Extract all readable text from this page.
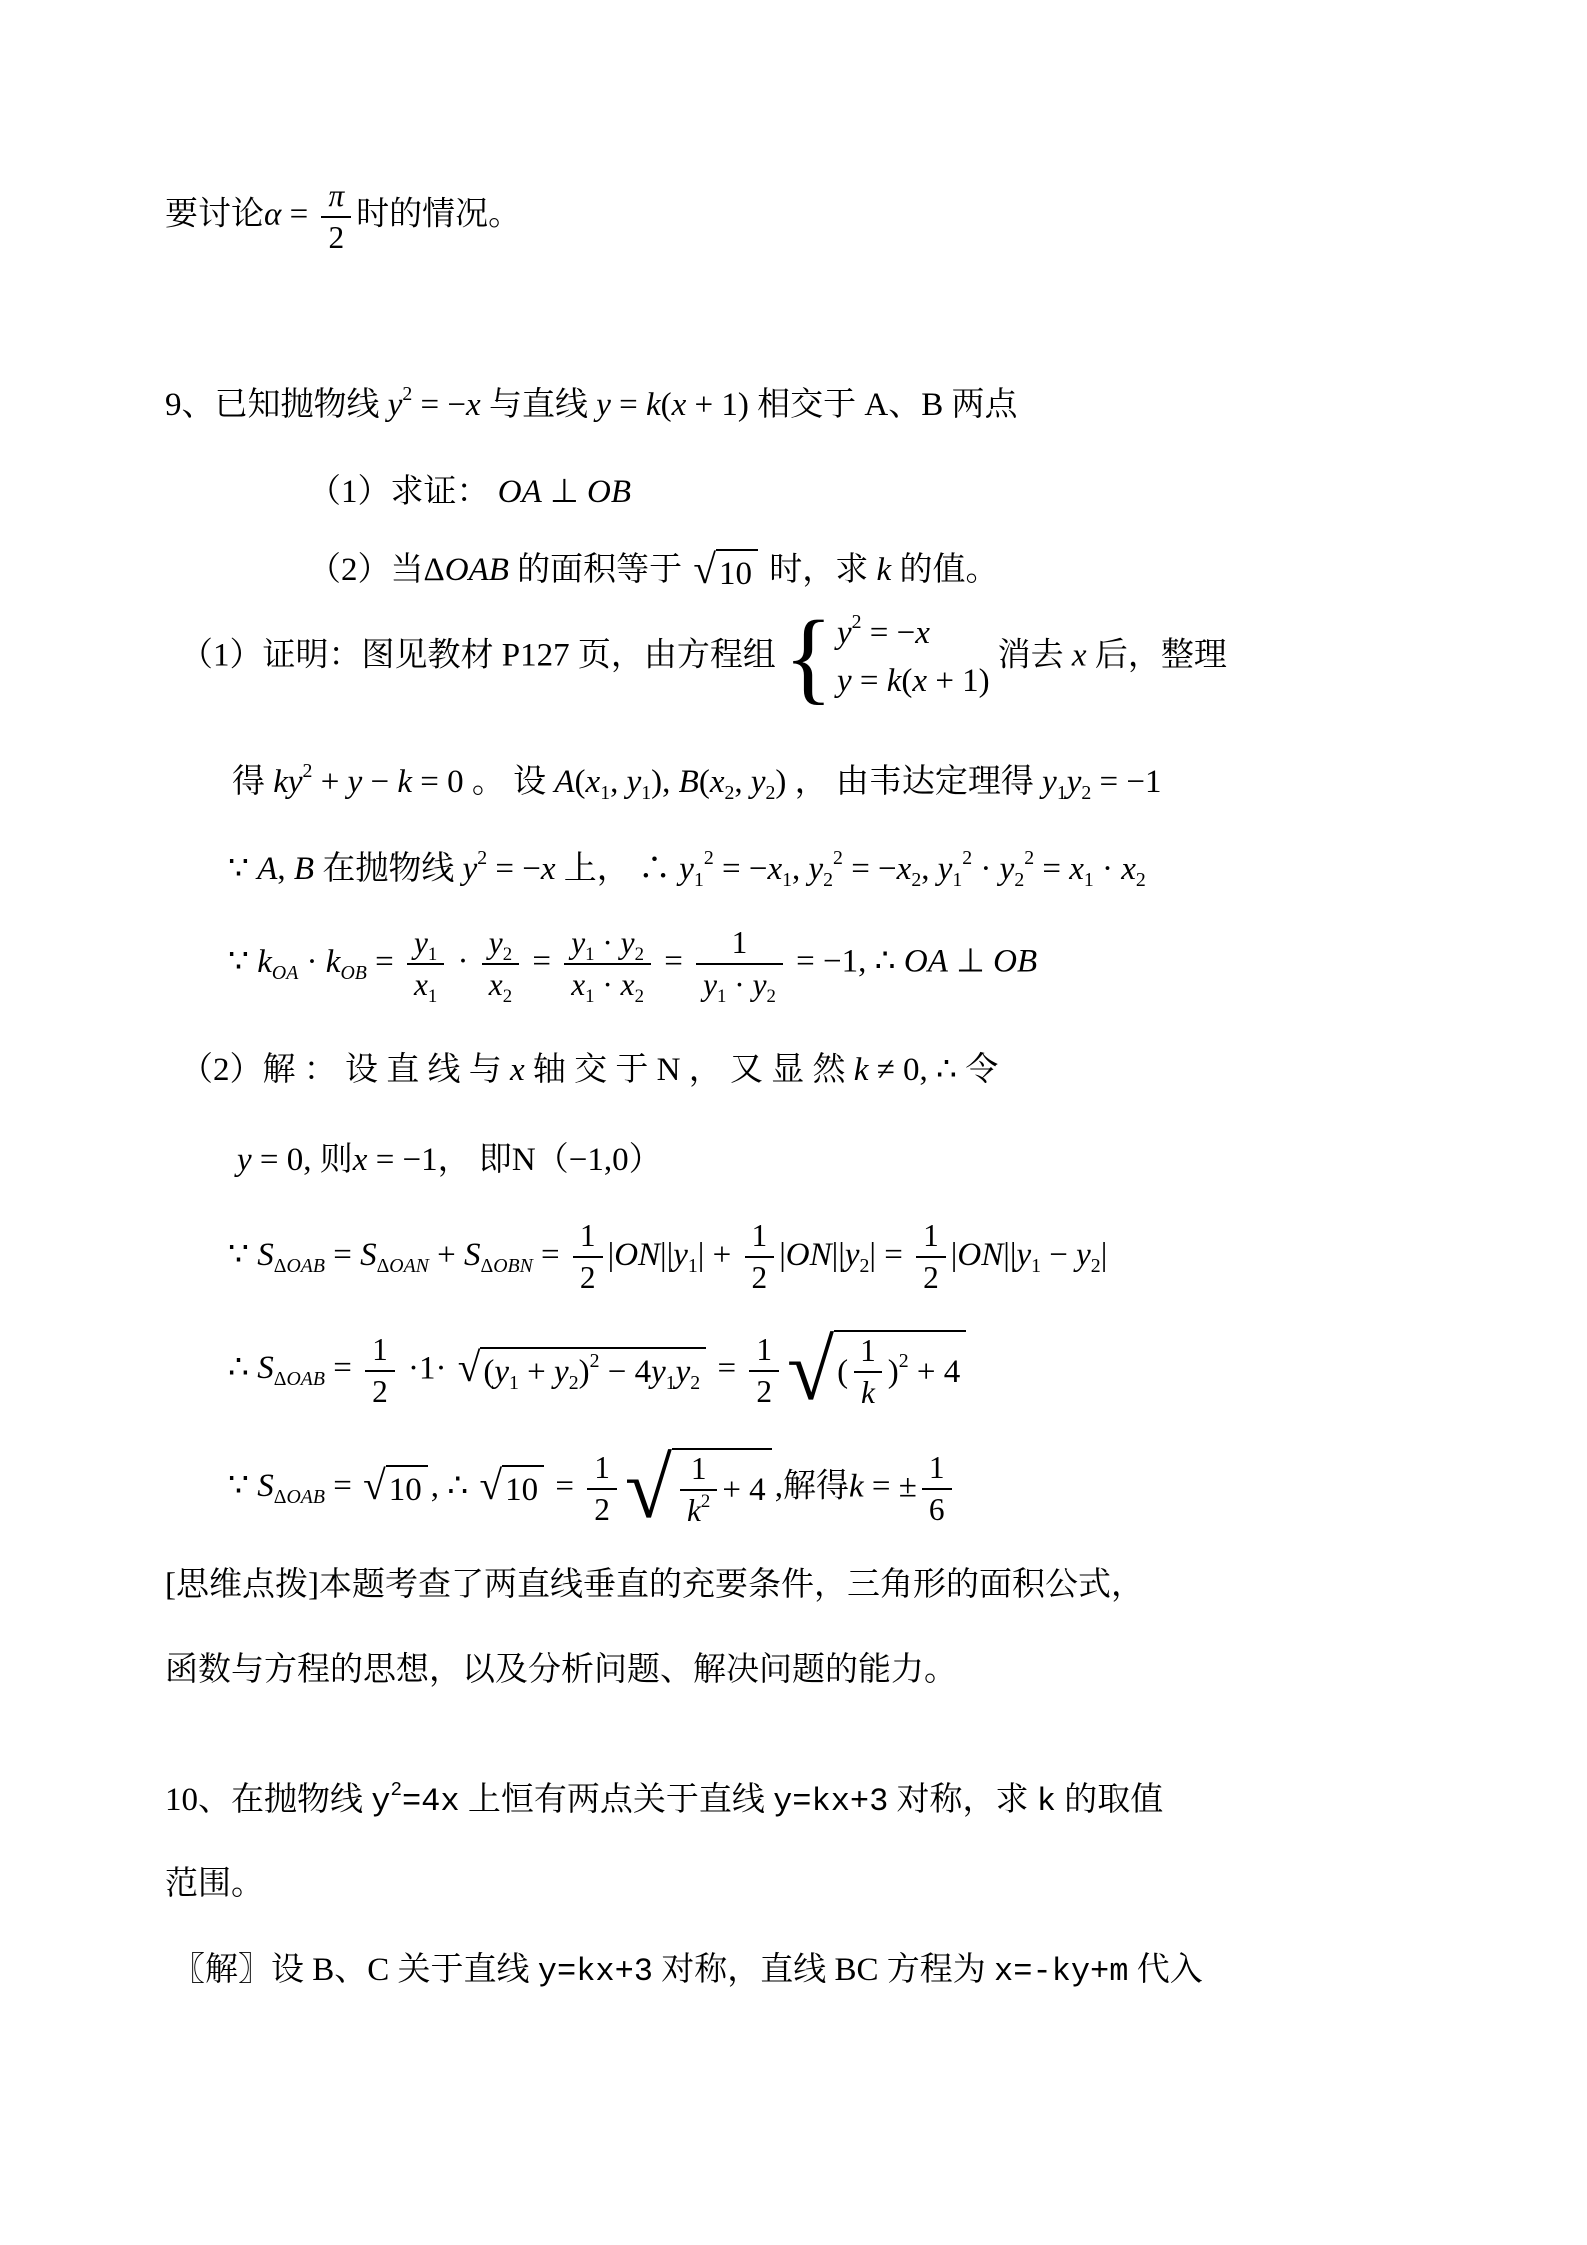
要讨论$\alpha = \frac{\pi}{2}$ 时的情况。
9、已知抛物线 $y^2 = -x$ 与直线 y = k(x + 1) 相交于 A、B 两点
（1）求证： OA ⊥ OB
（2）当ΔOAB 的面积等于 √ 10 时，求 k 的值。
（1）证明：图见教材 P127 页，由方程组 { $y^2 = -x$
y = k(x + 1)
消去 x 后，整理
得 $ky^2 + y - k = 0$ 。 设 $A(x_1$, $y_1$), $B(x_2$, $y_2$) ， 由韦达定理得 $y_1y_2 = -1$
∵ A, B 在抛物线 $y^2 = -x$ 上， ∴ $y_1^2 = -x_1$, $y_2^2 = -x_2$, $y_1^2 \cdot y_2^2 = x_1 \cdot x_2$
∵ $k_{OA} \cdot k_{OB} = \frac{y_1}{x_1} \cdot \frac{y_2}{x_2} = \frac{y_1 \cdot y_2}{x_1 \cdot x_2} = \frac{1}{y_1 \cdot y_2} = -1$, ∴ OA ⊥ OB
（2）解 ： 设 直 线 与 x 轴 交 于 N ， 又 显 然 k ≠ 0, ∴ 令
y = 0, 则x = −1， 即N（−1,0）
∵ $S_{\Delta OAB} = S_{\Delta OAN} + S_{\Delta OBN} = \frac{1}{2} |ON||y_1| + \frac{1}{2} |ON||y_2| = \frac{1}{2} |ON||y_1 - y_2|$
∴ $S_{\Delta OAB} = \frac{1}{2} \cdot 1\cdot$ √ $(y_1 + y_2)^2 - 4y_1y_2 = \frac{1}{2}$ √ ( $\frac{1}{k} )^2 + 4$
∵ $S_{\Delta OAB}$ = √ 10 , ∴ √ $10 = \frac{1}{2}$ √ $\frac{1}{k^2} + 4$ ,解得k = ± $\frac{1}{6}$
[思维点拨]本题考查了两直线垂直的充要条件，三角形的面积公式，
函数与方程的思想，以及分析问题、解决问题的能力。
10、在抛物线 $y^2=4x$ 上恒有两点关于直线 y=kx+3 对称，求 k 的取值
范围。
〖解〗设 B、C 关于直线 y=kx+3 对称，直线 BC 方程为 x=-ky+m 代入
